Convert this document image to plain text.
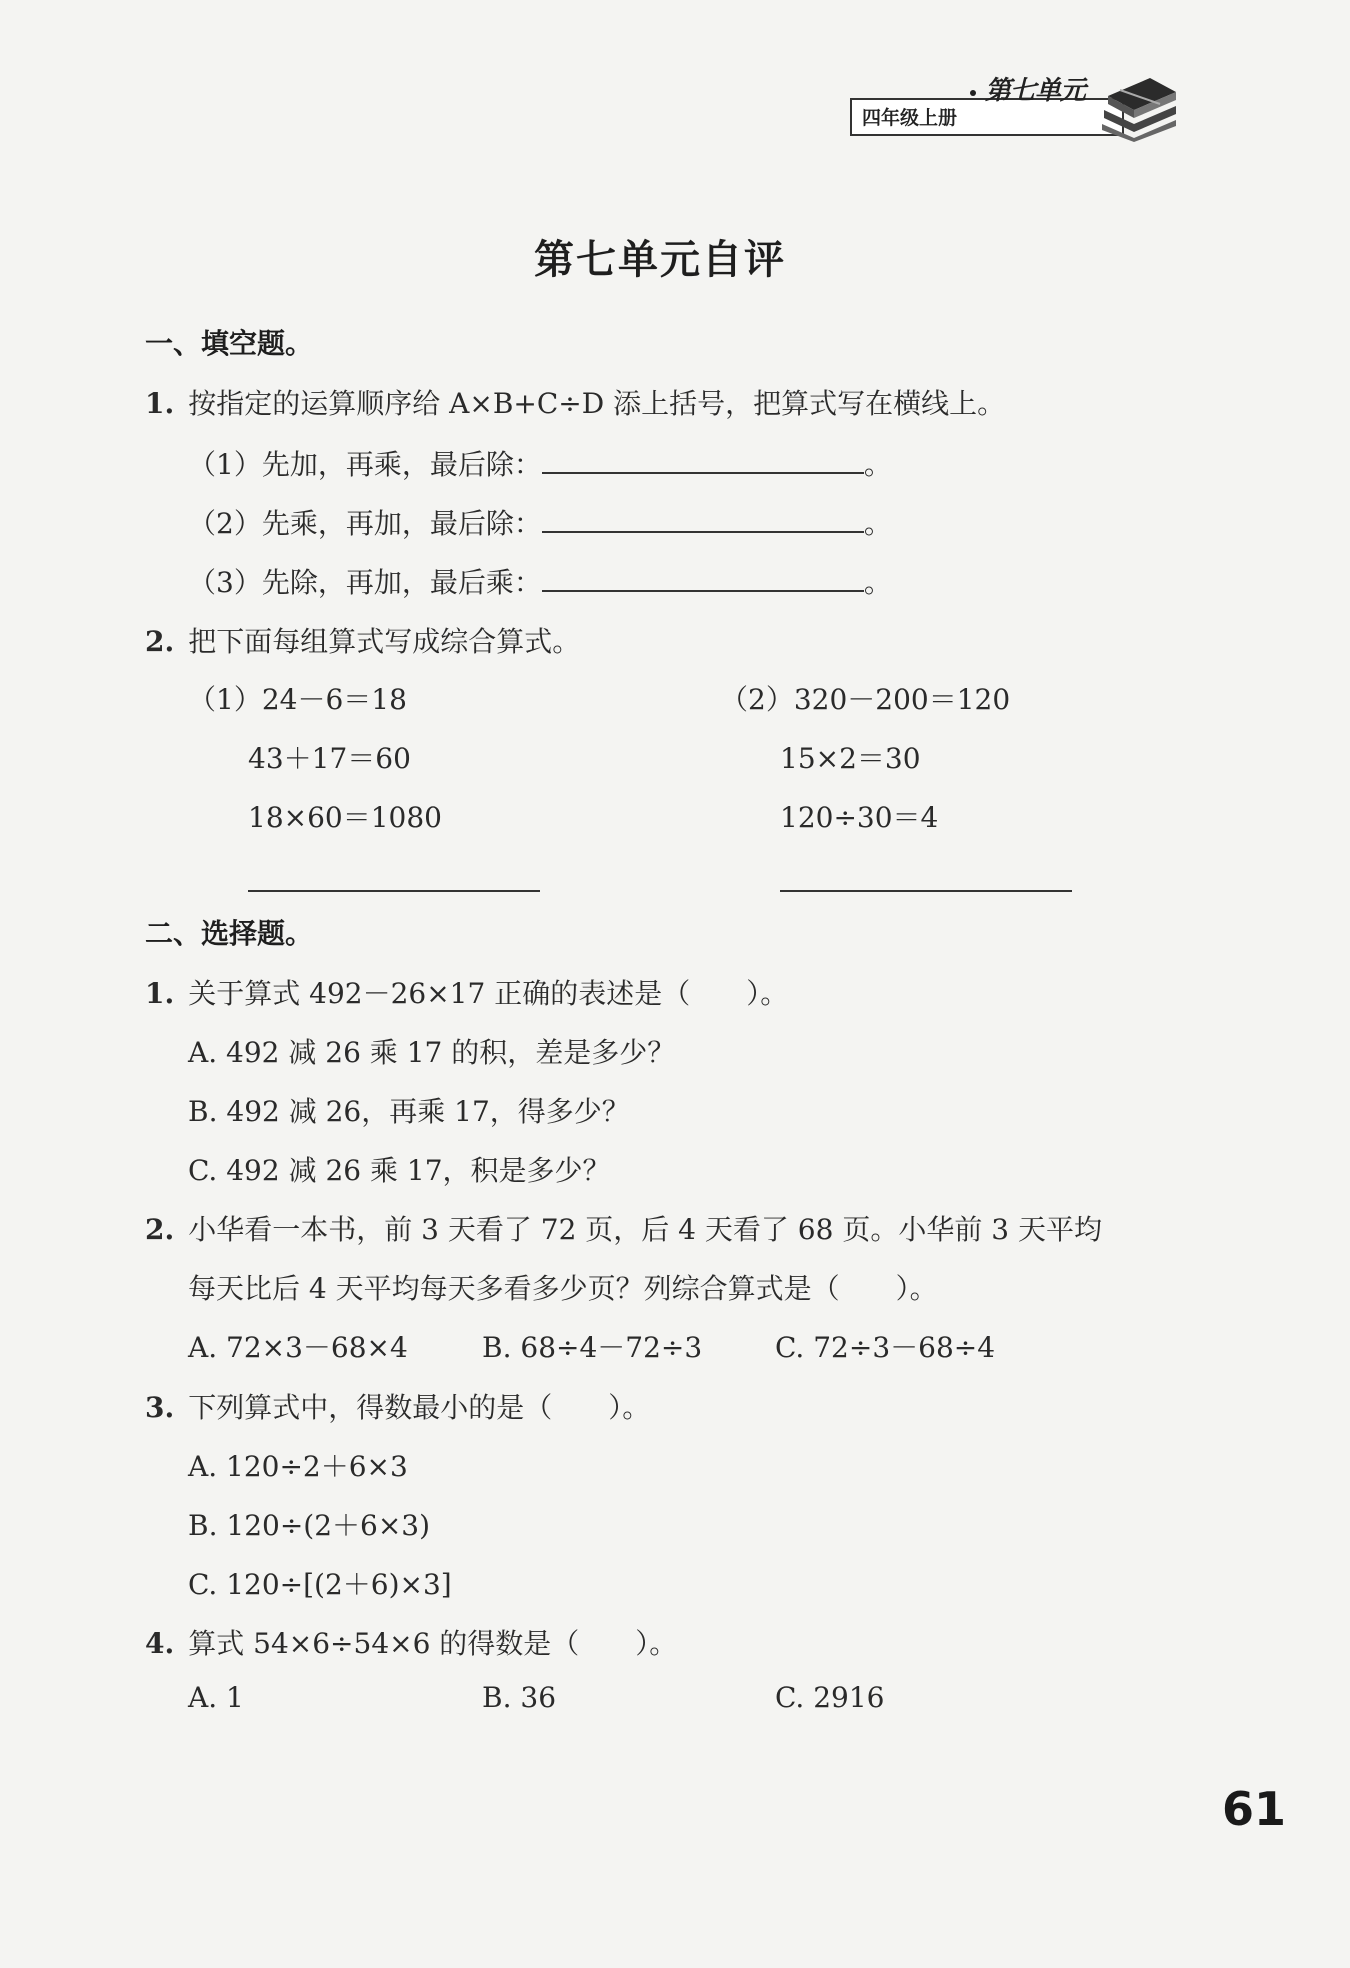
四年级上册
第七单元
第七单元自评
一、填空题。
1. 按指定的运算顺序给 A×B+C÷D 添上括号，把算式写在横线上。
（1）先加，再乘，最后除：	。
（2）先乘，再加，最后除：	。
（3）先除，再加，最后乘：	。
2. 把下面每组算式写成综合算式。
（1）24－6＝18
43＋17＝60
18×60＝1080
（2）320－200＝120
15×2＝30
120÷30＝4
二、选择题。
1. 关于算式 492－26×17 正确的表述是（　　）。
A. 492 减 26 乘 17 的积，差是多少？
B. 492 减 26，再乘 17，得多少？
C. 492 减 26 乘 17，积是多少？
2. 小华看一本书，前 3 天看了 72 页，后 4 天看了 68 页。小华前 3 天平均
每天比后 4 天平均每天多看多少页？列综合算式是（　　）。
A. 72×3－68×4	B. 68÷4－72÷3	C. 72÷3－68÷4
3. 下列算式中，得数最小的是（　　）。
A. 120÷2＋6×3
B. 120÷(2＋6×3)
C. 120÷[(2＋6)×3]
4. 算式 54×6÷54×6 的得数是（　　）。
A. 1	B. 36	C. 2916
61
